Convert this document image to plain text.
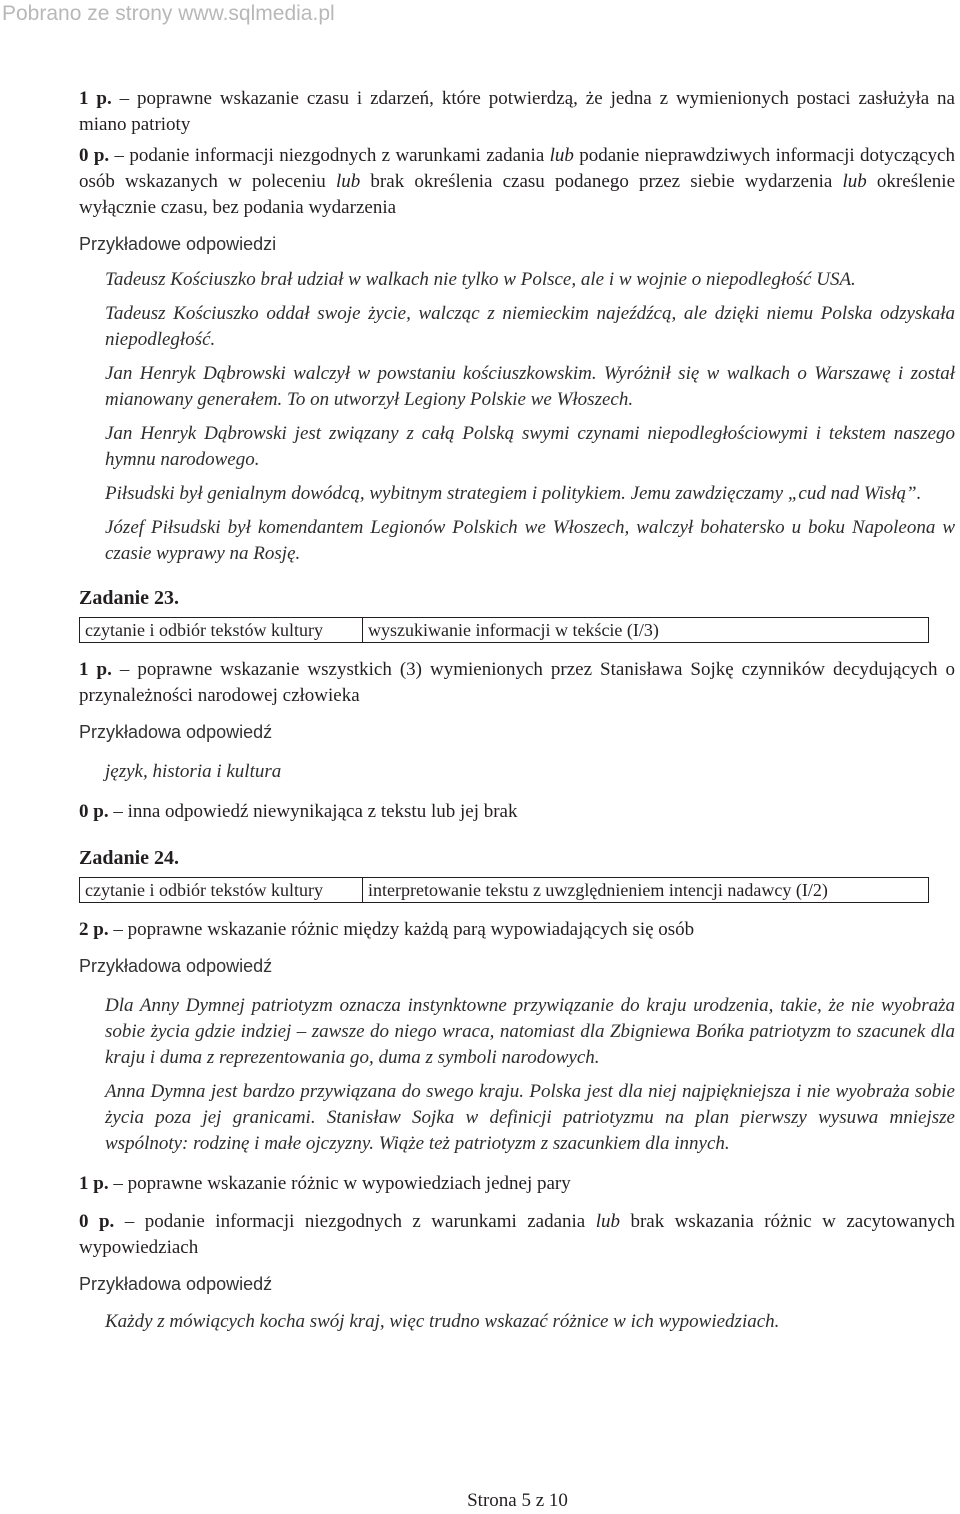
Pobrano ze strony www.sqlmedia.pl

1 p. – poprawne wskazanie czasu i zdarzeń, które potwierdzą, że jedna z wymienionych postaci zasłużyła na miano patrioty

0 p. – podanie informacji niezgodnych z warunkami zadania lub podanie nieprawdziwych informacji dotyczących osób wskazanych w poleceniu lub brak określenia czasu podanego przez siebie wydarzenia lub określenie wyłącznie czasu, bez podania wydarzenia

Przykładowe odpowiedzi

Tadeusz Kościuszko brał udział w walkach nie tylko w Polsce, ale i w wojnie o niepodległość USA.

Tadeusz Kościuszko oddał swoje życie, walcząc z niemieckim najeźdźcą, ale dzięki niemu Polska odzyskała niepodległość.

Jan Henryk Dąbrowski walczył w powstaniu kościuszkowskim. Wyróżnił się w walkach o Warszawę i został mianowany generałem. To on utworzył Legiony Polskie we Włoszech.

Jan Henryk Dąbrowski jest związany z całą Polską swymi czynami niepodległościowymi i tekstem naszego hymnu narodowego.

Piłsudski był genialnym dowódcą, wybitnym strategiem i politykiem. Jemu zawdzięczamy „cud nad Wisłą”.

Józef Piłsudski był komendantem Legionów Polskich we Włoszech, walczył bohatersko u boku Napoleona w czasie wyprawy na Rosję.

Zadanie 23.

czytanie i odbiór tekstów kultury	wyszukiwanie informacji w tekście (I/3)

1 p. – poprawne wskazanie wszystkich (3) wymienionych przez Stanisława Sojkę czynników decydujących o przynależności narodowej człowieka

Przykładowa odpowiedź

język, historia i kultura

0 p. – inna odpowiedź niewynikająca z tekstu lub jej brak

Zadanie 24.

czytanie i odbiór tekstów kultury	interpretowanie tekstu z uwzględnieniem intencji nadawcy (I/2)

2 p. – poprawne wskazanie różnic między każdą parą wypowiadających się osób

Przykładowa odpowiedź

Dla Anny Dymnej patriotyzm oznacza instynktowne przywiązanie do kraju urodzenia, takie, że nie wyobraża sobie życia gdzie indziej – zawsze do niego wraca, natomiast dla Zbigniewa Bońka patriotyzm to szacunek dla kraju i duma z reprezentowania go, duma z symboli narodowych.

Anna Dymna jest bardzo przywiązana do swego kraju. Polska jest dla niej najpiękniejsza i nie wyobraża sobie życia poza jej granicami. Stanisław Sojka w definicji patriotyzmu na plan pierwszy wysuwa mniejsze wspólnoty: rodzinę i małe ojczyzny. Wiąże też patriotyzm z szacunkiem dla innych.

1 p. – poprawne wskazanie różnic w wypowiedziach jednej pary

0 p. – podanie informacji niezgodnych z warunkami zadania lub brak wskazania różnic w zacytowanych wypowiedziach

Przykładowa odpowiedź

Każdy z mówiących kocha swój kraj, więc trudno wskazać różnice w ich wypowiedziach.

Strona 5 z 10
